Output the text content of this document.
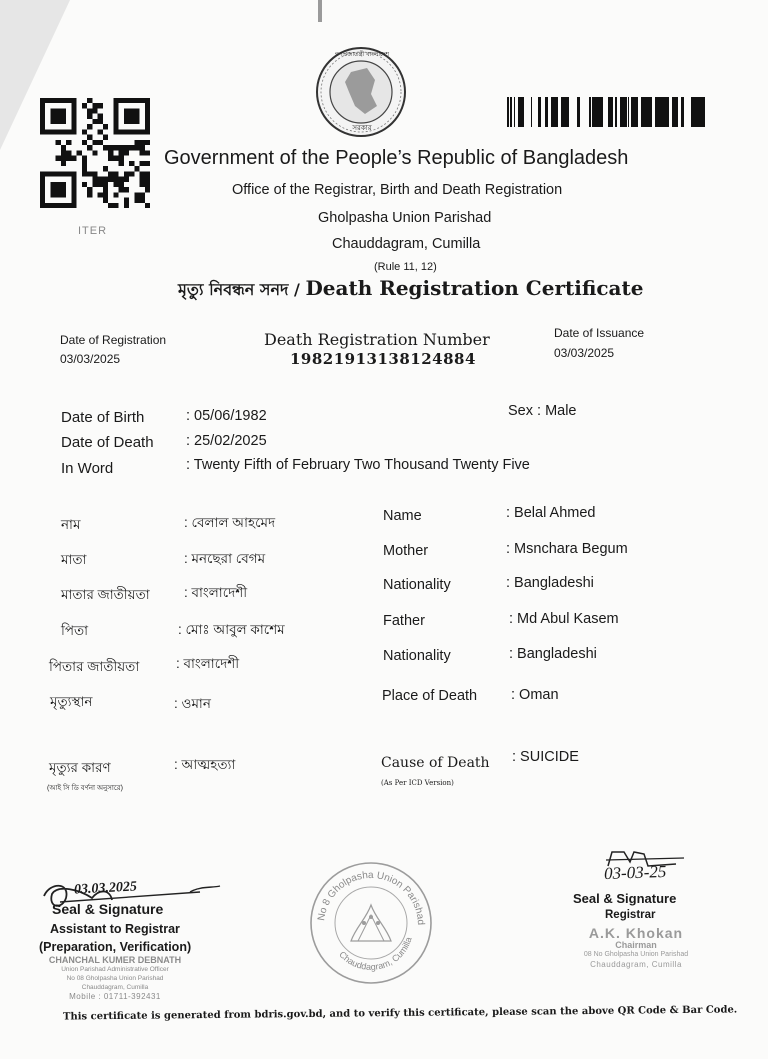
ITER
গণপ্রজাতন্ত্রী বাংলাদেশ
সরকার
Government of the People’s Republic of Bangladesh
Office of the Registrar, Birth and Death Registration
Gholpasha Union Parishad
Chauddagram, Cumilla
(Rule 11, 12)
মৃত্যু নিবন্ধন সনদ / Death Registration Certificate
Date of Registration
03/03/2025
Death Registration Number
19821913138124884
Date of Issuance
03/03/2025
Date of Birth	: 05/06/1982
Date of Death : 25/02/2025
In Word	: Twenty Fifth of February Two Thousand Twenty Five
Sex : Male
নাম	: বেলাল আহমেদ
মাতা	: মনছেরা বেগম
মাতার জাতীয়তা	: বাংলাদেশী
পিতা	: মোঃ আবুল কাশেম
পিতার জাতীয়তা	: বাংলাদেশী
মৃত্যুস্থান	: ওমান
মৃত্যুর কারণ	: আত্মহত্যা
(আই সি ডি বর্ণনা অনুসারে)
Name	: Belal Ahmed
Mother	: Msnchara Begum
Nationality	: Bangladeshi
Father	: Md Abul Kasem
Nationality	: Bangladeshi
Place of Death : Oman
Cause of Death : SUICIDE
(As Per ICD Version)
03.03.2025
Seal & Signature
Assistant to Registrar
(Preparation, Verification)
CHANCHAL KUMER DEBNATH
Union Parishad Administrative Officer
No 08 Gholpasha Union Parishad
Chauddagram, Cumilla
Mobile : 01711-392431
No 8 Gholpasha Union Parishad
Chauddagram, Cumilla
03-03-25
Seal & Signature
Registrar
A.K. Khokan
Chairman
08 No Gholpasha Union Parishad
Chauddagram, Cumilla
This certificate is generated from bdris.gov.bd, and to verify this certificate, please scan the above QR Code & Bar Code.
